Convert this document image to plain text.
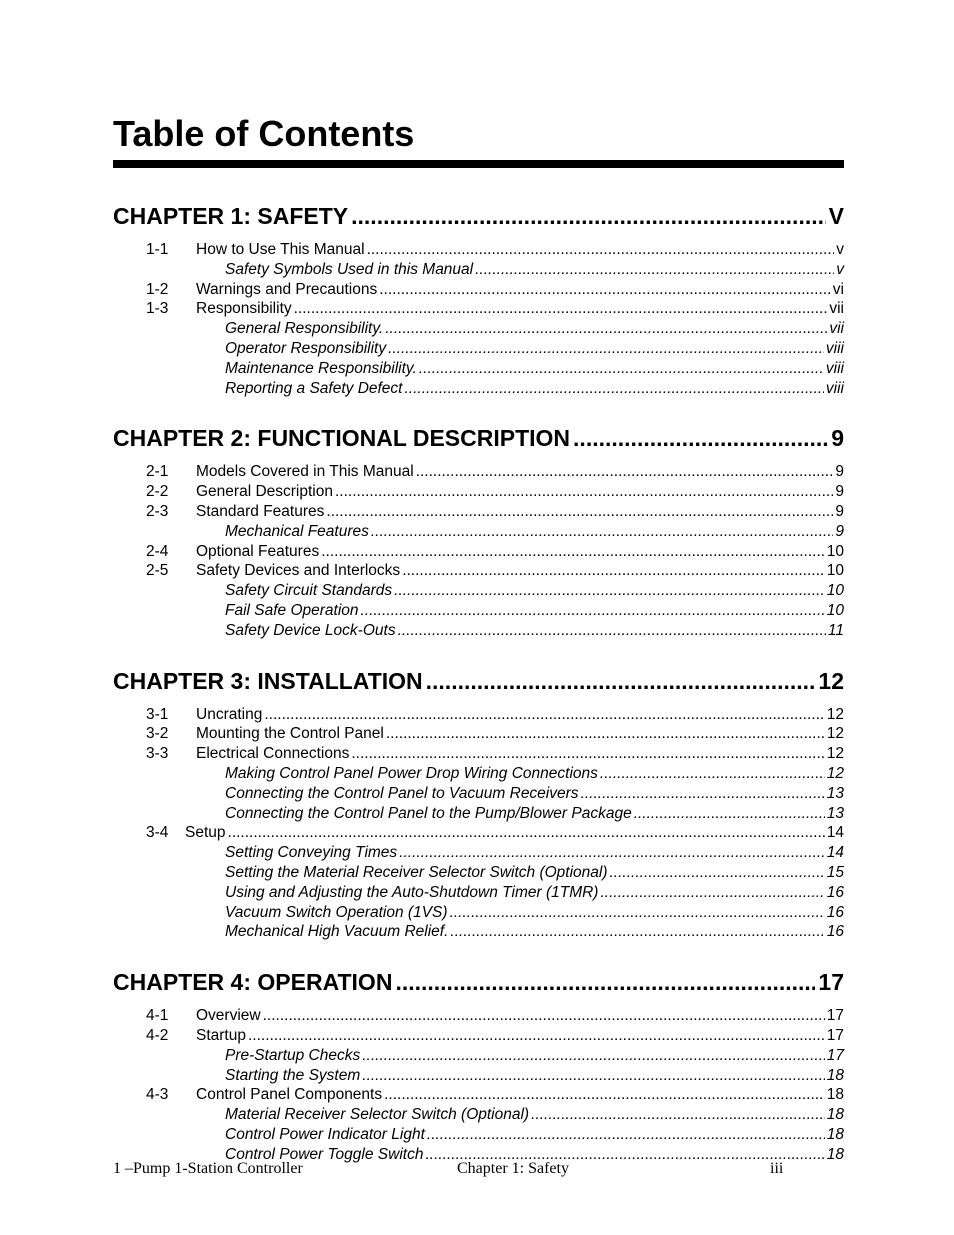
Table of Contents
CHAPTER 1: SAFETY .....	V
1-1	How to Use This Manual .....	v
Safety Symbols Used in this Manual .....	v
1-2	Warnings and Precautions .....	vi
1-3	Responsibility .....	vii
General Responsibility. .....	vii
Operator Responsibility .....	viii
Maintenance Responsibility. .....	viii
Reporting a Safety Defect .....	viii
CHAPTER 2: FUNCTIONAL DESCRIPTION .....	9
2-1	Models Covered in This Manual .....	9
2-2	General Description .....	9
2-3	Standard Features .....	9
Mechanical Features .....	9
2-4	Optional Features .....	10
2-5	Safety Devices and Interlocks .....	10
Safety Circuit Standards .....	10
Fail Safe Operation .....	10
Safety Device Lock-Outs .....	11
CHAPTER 3: INSTALLATION .....	12
3-1	Uncrating .....	12
3-2	Mounting the Control Panel .....	12
3-3	Electrical Connections .....	12
Making Control Panel Power Drop Wiring Connections .....	12
Connecting the Control Panel to Vacuum Receivers .....	13
Connecting the Control Panel to the Pump/Blower Package .....	13
3-4	Setup .....	14
Setting Conveying Times .....	14
Setting the Material Receiver Selector Switch (Optional) .....	15
Using and Adjusting the Auto-Shutdown Timer (1TMR) .....	16
Vacuum Switch Operation (1VS) .....	16
Mechanical High Vacuum Relief. .....	16
CHAPTER 4: OPERATION .....	17
4-1	Overview .....	17
4-2	Startup .....	17
Pre-Startup Checks .....	17
Starting the System .....	18
4-3	Control Panel Components .....	18
Material Receiver Selector Switch (Optional) .....	18
Control Power Indicator Light .....	18
Control Power Toggle Switch .....	18
1 –Pump 1-Station Controller	Chapter 1: Safety	iii
